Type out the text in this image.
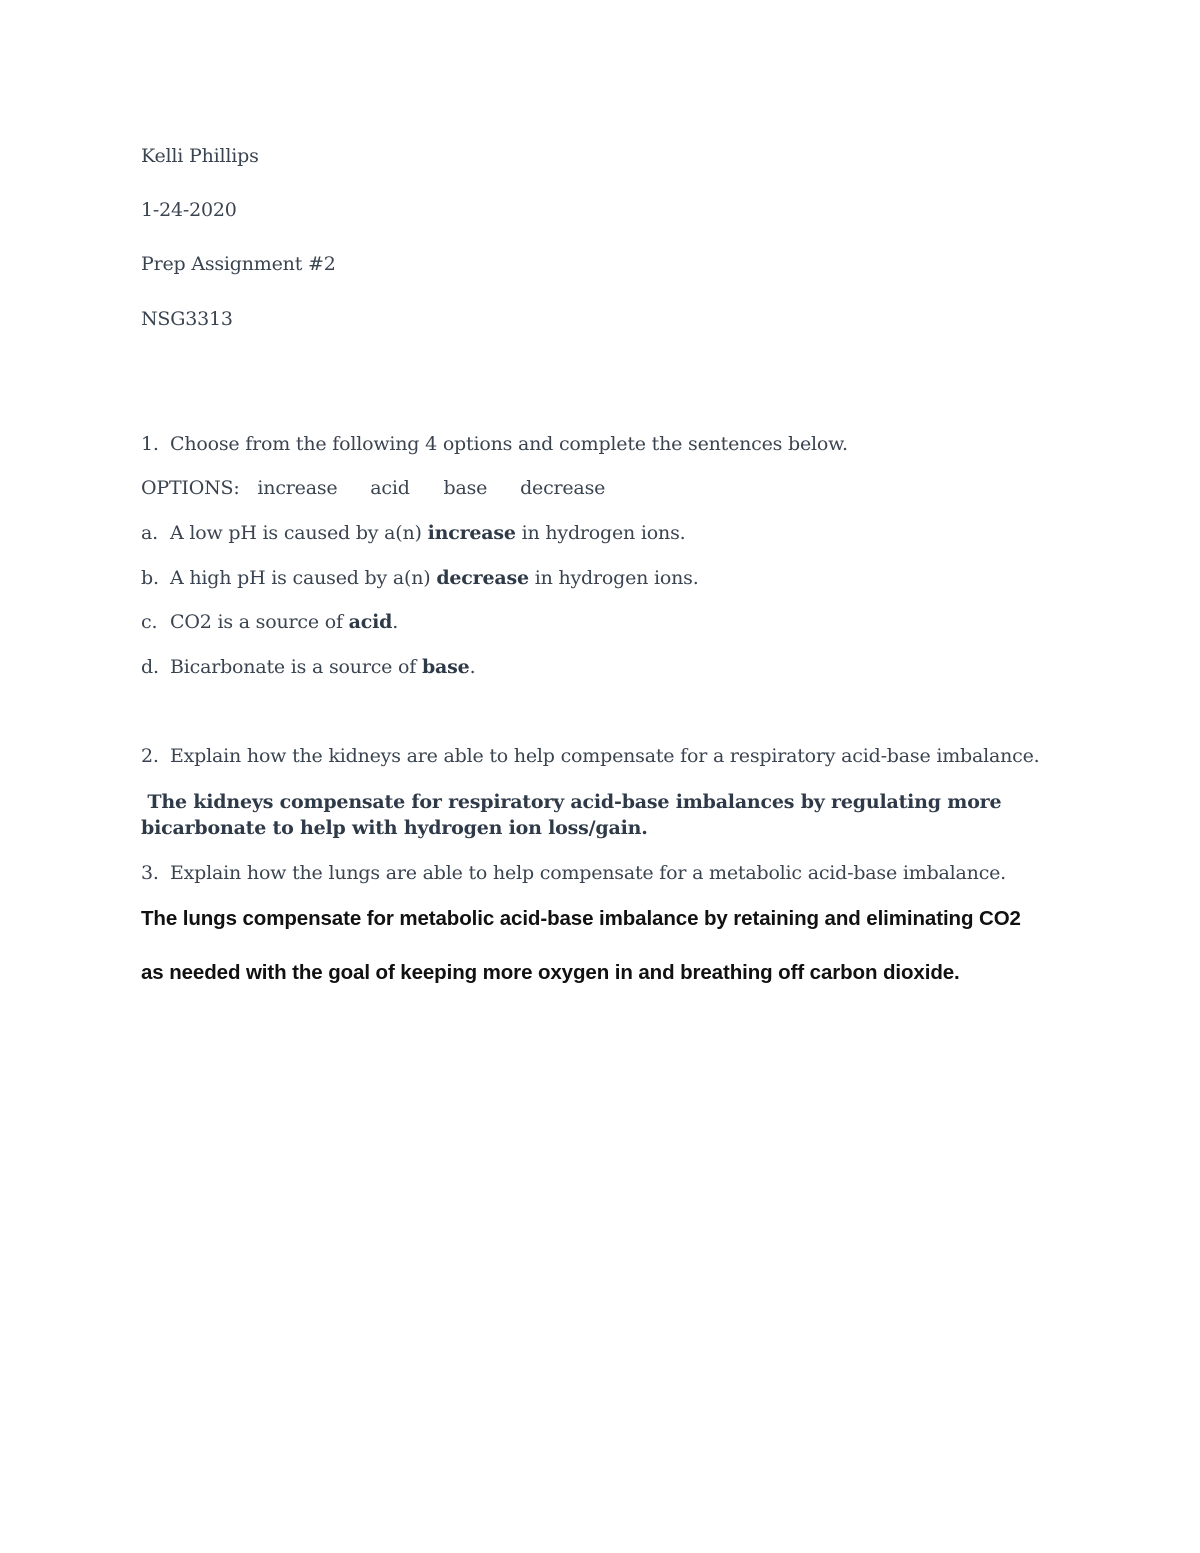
Kelli Phillips
1-24-2020
Prep Assignment #2
NSG3313
1. Choose from the following 4 options and complete the sentences below.
OPTIONS: increase acid base decrease
a. A low pH is caused by a(n) increase in hydrogen ions.
b. A high pH is caused by a(n) decrease in hydrogen ions.
c. CO2 is a source of acid.
d. Bicarbonate is a source of base.
2. Explain how the kidneys are able to help compensate for a respiratory acid-base imbalance.
The kidneys compensate for respiratory acid-base imbalances by regulating more bicarbonate to help with hydrogen ion loss/gain.
3. Explain how the lungs are able to help compensate for a metabolic acid-base imbalance.
The lungs compensate for metabolic acid-base imbalance by retaining and eliminating CO2
as needed with the goal of keeping more oxygen in and breathing off carbon dioxide.
